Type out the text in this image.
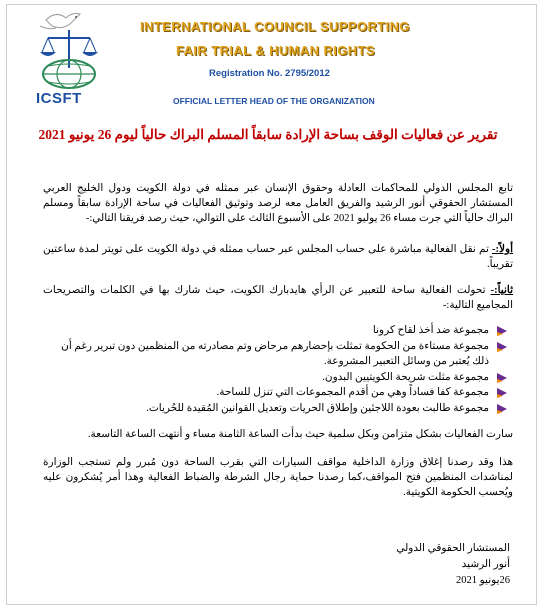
ICSFT
INTERNATIONAL COUNCIL SUPPORTING
FAIR TRIAL & HUMAN RIGHTS
Registration No. 2795/2012
OFFICIAL LETTER HEAD OF THE ORGANIZATION
تقرير عن فعاليات الوقف بساحة الإرادة سابقاً المسلم البراك حالياً ليوم 26 يونيو 2021
تابع المجلس الدولي للمحاكمات العادلة وحقوق الإنسان عبر ممثله في دولة الكويت ودول الخليج العربي المستشار الحقوقي أنور الرشيد والفريق العامل معه لرصد وتوثيق الفعاليات في ساحة الإرادة سابقاً ومسلم البراك حالياً التي جرت مساء 26 يوليو 2021 على الأسبوع الثالث على التوالي، حيث رصد فريقنا التالي:-
أولاً:- تم نقل الفعالية مباشرة على حساب المجلس عبر حساب ممثله في دولة الكويت على تويتر لمدة ساعتين تقريباً.
ثانياً:- تحولت الفعالية ساحة للتعبير عن الرأي هايدبارك الكويت، حيث شارك بها في الكلمات والتصريحات المجاميع التالية:-
مجموعة ضد أخذ لقاح كرونا
مجموعة مستاءة من الحكومة تمثلت بإحضارهم مرحاض وتم مصادرته من المنظمين دون تبرير رغم أن ذلك يُعتبر من وسائل التعبير المشروعة.
مجموعة مثلت شريحة الكويتيين البدون.
مجموعة كفا فساداً وهي من أقدم المجموعات التي تنزل للساحة.
مجموعة طالبت بعودة اللاجئين وإطلاق الحريات وتعديل القوانين المُقيدة للحُريات.
سارت الفعاليات بشكل متزامن وبكل سلمية حيث بدأت الساعة الثامنة مساء و أنتهت الساعة التاسعة.
هذا وقد رصدنا إغلاق وزارة الداخلية مواقف السيارات التي بقرب الساحة دون مُبرر ولم تستجب الوزارة لمناشدات المنظمين فتح المواقف،كما رصدنا حماية رجال الشرطة والضباط الفعالية وهذا أمر يُشكرون عليه ويُحسب الحكومة الكويتية.
المستشار الحقوقي الدولي
أنور الرشيد
26يونيو 2021
